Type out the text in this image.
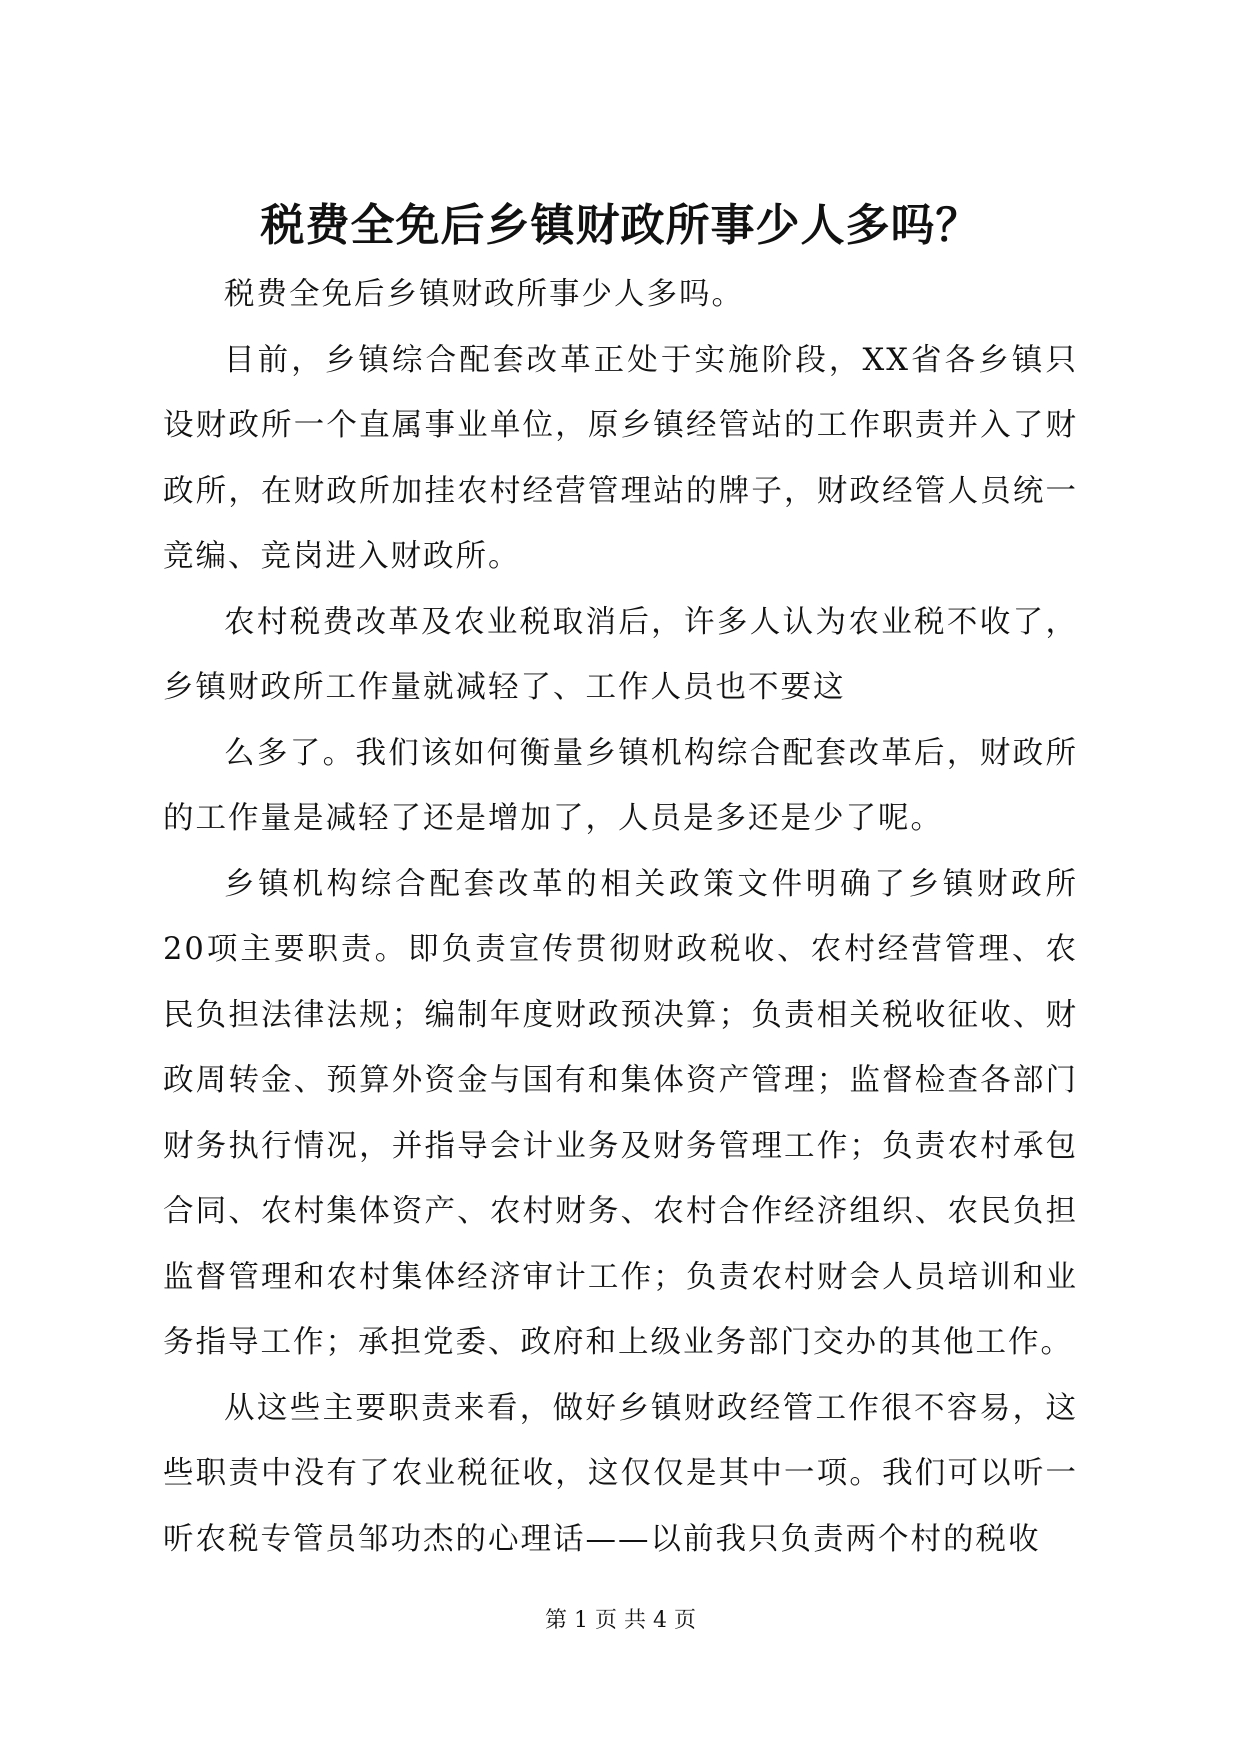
税费全免后乡镇财政所事少人多吗？

税费全免后乡镇财政所事少人多吗。

目前，乡镇综合配套改革正处于实施阶段，XX省各乡镇只设财政所一个直属事业单位，原乡镇经管站的工作职责并入了财政所，在财政所加挂农村经营管理站的牌子，财政经管人员统一竞编、竞岗进入财政所。

农村税费改革及农业税取消后，许多人认为农业税不收了，乡镇财政所工作量就减轻了、工作人员也不要这

么多了。我们该如何衡量乡镇机构综合配套改革后，财政所的工作量是减轻了还是增加了，人员是多还是少了呢。

乡镇机构综合配套改革的相关政策文件明确了乡镇财政所20项主要职责。即负责宣传贯彻财政税收、农村经营管理、农民负担法律法规；编制年度财政预决算；负责相关税收征收、财政周转金、预算外资金与国有和集体资产管理；监督检查各部门财务执行情况，并指导会计业务及财务管理工作；负责农村承包合同、农村集体资产、农村财务、农村合作经济组织、农民负担监督管理和农村集体经济审计工作；负责农村财会人员培训和业务指导工作；承担党委、政府和上级业务部门交办的其他工作。

从这些主要职责来看，做好乡镇财政经管工作很不容易，这些职责中没有了农业税征收，这仅仅是其中一项。我们可以听一听农税专管员邹功杰的心理话——以前我只负责两个村的税收

第 1 页 共 4 页
